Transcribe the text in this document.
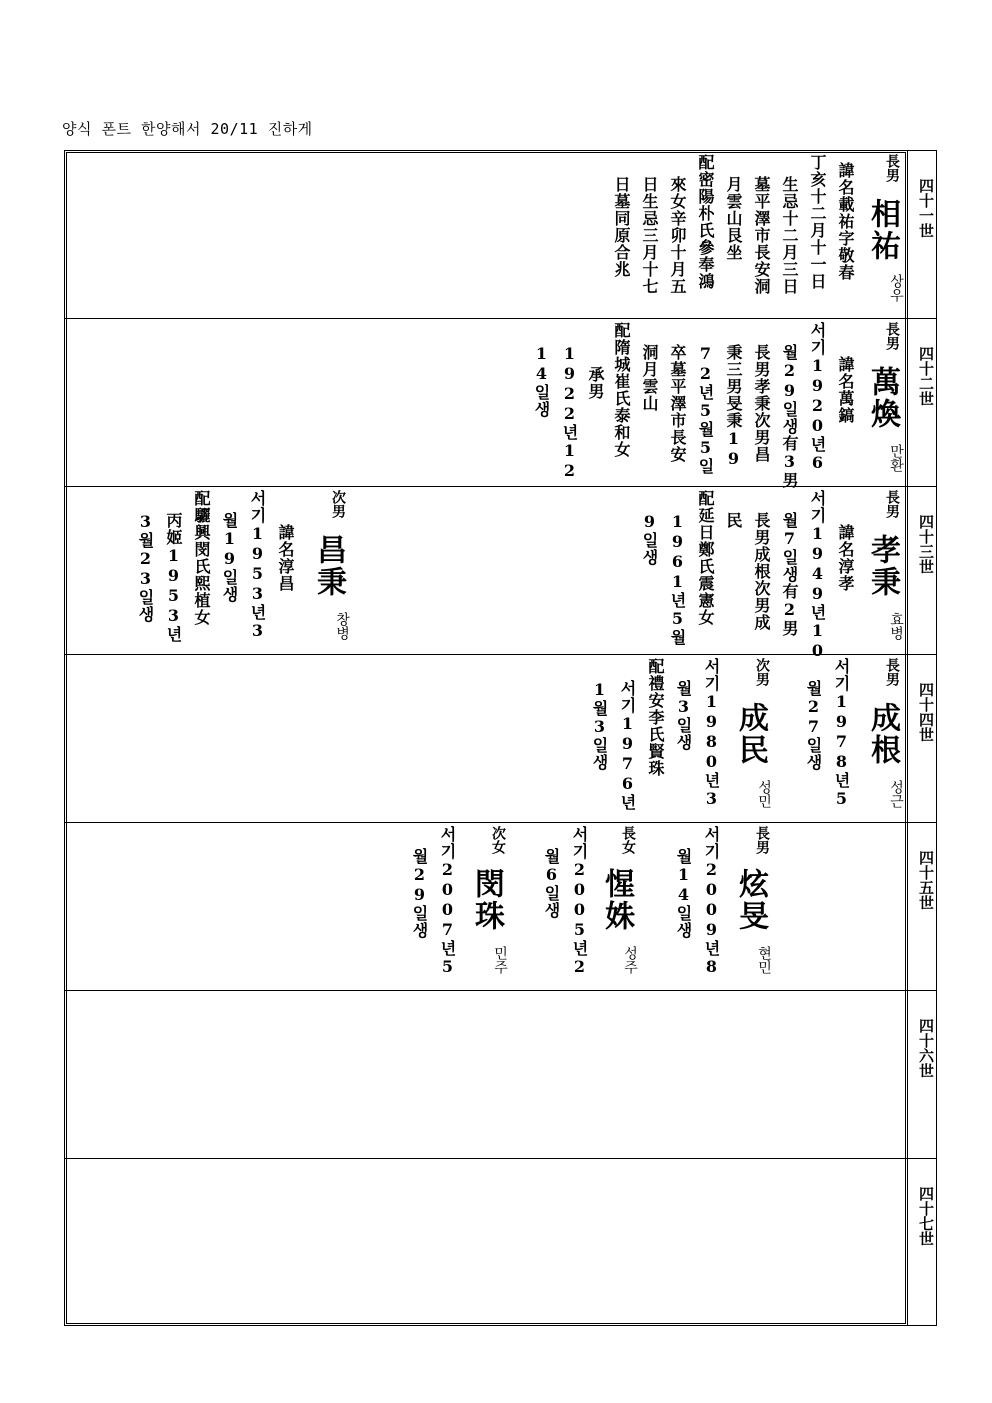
양식 폰트 한양해서 20/11 진하게
四十一世
四十二世
四十三世
四十四世
四十五世
四十六世
四十七世
長男
相祐
상우
諱名載祐字敬春
丁亥十二月十一日
生忌十二月三日
墓平澤市長安洞
月雲山艮坐
配密陽朴氏參奉鴻
來女辛卯十月五
日生忌三月十七
日墓同原合兆
長男
萬煥
만환
諱名萬鎬
서기1920년6
월29일생有3男
長男孝秉次男昌
秉三男旻秉19
72년5월5일
卒墓平澤市長安
洞月雲山
配隋城崔氏泰和女
承男
1922년12
14일생
長男
孝秉
효병
諱名淳孝
서기1949년10
월7일생有2男
長男成根次男成
民
配延日鄭氏震憲女
1961년5월
9일생
次男
昌秉
창병
諱名淳昌
서기1953년3
월19일생
配驪興閔氏熙植女
丙姬1953년
3월23일생
長男
成根
성근
서기1978년5
월27일생
次男
成民
성민
서기1980년3
월3일생
配禮安李氏賢珠
서기1976년
1월3일생
長男
炫旻
현민
서기2009년8
월14일생
長女
惺姝
성주
서기2005년2
월6일생
次女
閔珠
민주
서기2007년5
월29일생
